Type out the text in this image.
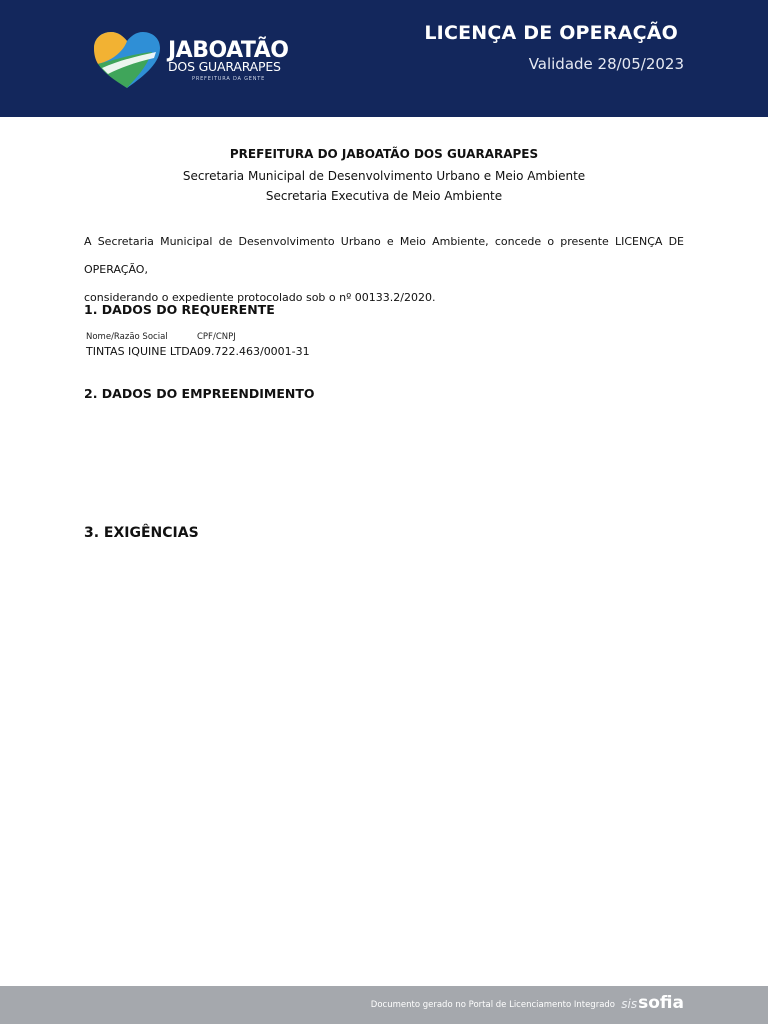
JABOATÃO
DOS GUARARAPES
PREFEITURA DA GENTE
LICENÇA DE OPERAÇÃO
Validade 28/05/2023
PREFEITURA DO JABOATÃO DOS GUARARAPES
Secretaria Municipal de Desenvolvimento Urbano e Meio Ambiente
Secretaria Executiva de Meio Ambiente
A Secretaria Municipal de Desenvolvimento Urbano e Meio Ambiente, concede o presente LICENÇA DE OPERAÇÃO,
considerando o expediente protocolado sob o nº 00133.2/2020.
1. DADOS DO REQUERENTE
Nome/Razão Social	CPF/CNPJ
TINTAS IQUINE LTDA.
09.722.463/0001-31
2. DADOS DO EMPREENDIMENTO
3. EXIGÊNCIAS
Documento gerado no Portal de Licenciamento Integrado sissofia
